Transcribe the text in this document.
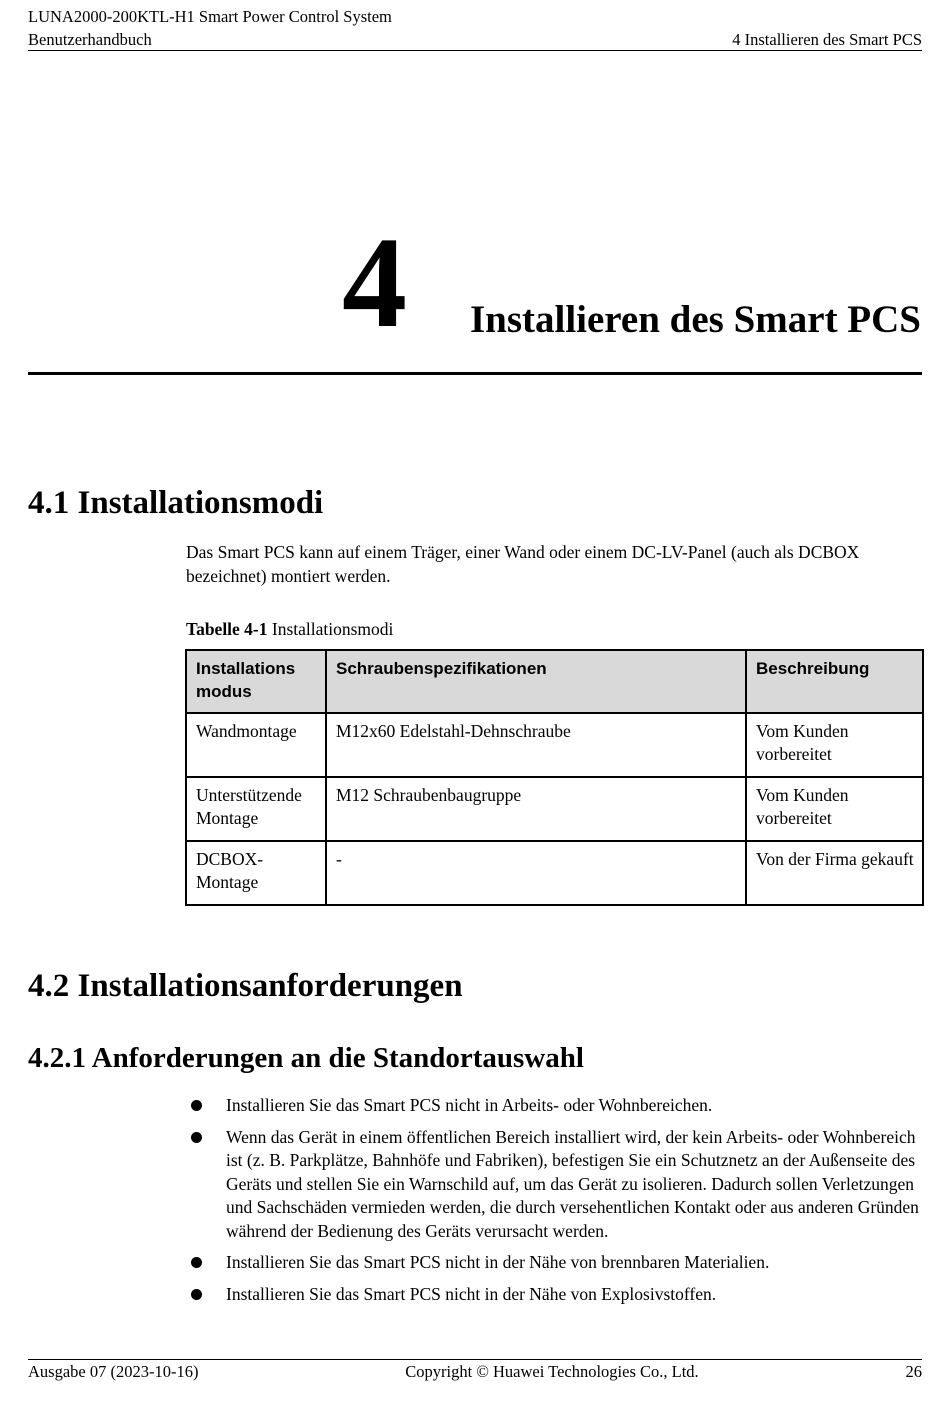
LUNA2000-200KTL-H1 Smart Power Control System
Benutzerhandbuch	4 Installieren des Smart PCS
4 Installieren des Smart PCS
4.1 Installationsmodi
Das Smart PCS kann auf einem Träger, einer Wand oder einem DC-LV-Panel (auch als DCBOX bezeichnet) montiert werden.
Tabelle 4-1 Installationsmodi
Installations modus	Schraubenspezifikationen	Beschreibung
Wandmontage	M12x60 Edelstahl-Dehnschraube	Vom Kunden vorbereitet
Unterstützende Montage	M12 Schraubenbaugruppe	Vom Kunden vorbereitet
DCBOX-Montage	-	Von der Firma gekauft
4.2 Installationsanforderungen
4.2.1 Anforderungen an die Standortauswahl
Installieren Sie das Smart PCS nicht in Arbeits- oder Wohnbereichen.
Wenn das Gerät in einem öffentlichen Bereich installiert wird, der kein Arbeits- oder Wohnbereich ist (z. B. Parkplätze, Bahnhöfe und Fabriken), befestigen Sie ein Schutznetz an der Außenseite des Geräts und stellen Sie ein Warnschild auf, um das Gerät zu isolieren. Dadurch sollen Verletzungen und Sachschäden vermieden werden, die durch versehentlichen Kontakt oder aus anderen Gründen während der Bedienung des Geräts verursacht werden.
Installieren Sie das Smart PCS nicht in der Nähe von brennbaren Materialien.
Installieren Sie das Smart PCS nicht in der Nähe von Explosivstoffen.
Ausgabe 07 (2023-10-16)	Copyright © Huawei Technologies Co., Ltd.	26
